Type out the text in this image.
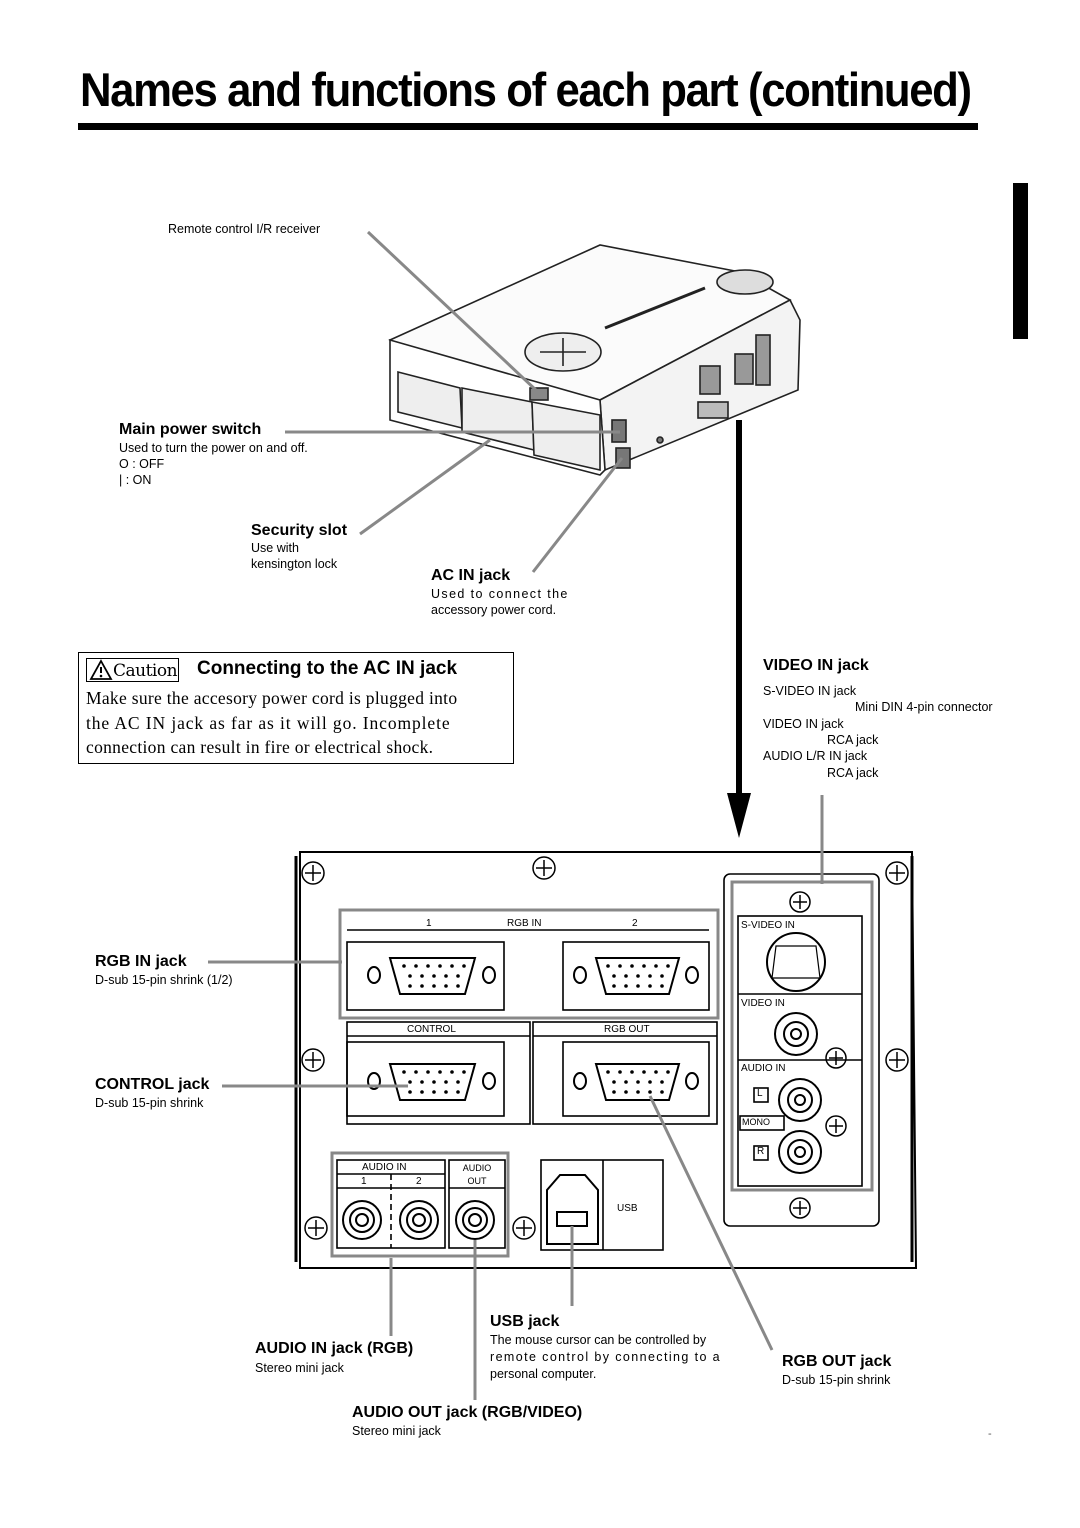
Names and functions of each part (continued)
Remote control I/R receiver
Main power switch
Used to turn the power on and off.
O : OFF
| : ON
Security slot
Use with
kensington lock
AC IN jack
Used to connect the
accessory power cord.
Caution Connecting to the AC IN jack

Make sure the accesory power cord is plugged into

the AC IN jack as far as it will go. Incomplete

connection can result in fire or electrical shock.

VIDEO IN jack
S-VIDEO IN jack
Mini DIN 4-pin connector
VIDEO IN jack
RCA jack
AUDIO L/R IN jack
RCA jack
1	RGB IN	2
CONTROL	RGB OUT
AUDIO IN
1	2
AUDIO OUT
USB
S-VIDEO IN
VIDEO IN
AUDIO IN
L
MONO
R
RGB IN jack
D-sub 15-pin shrink (1/2)
CONTROL jack
D-sub 15-pin shrink
USB jack
The mouse cursor can be controlled by
remote control by connecting to a
personal computer.
AUDIO IN jack (RGB)
Stereo mini jack	RGB OUT jack
D-sub 15-pin shrink
AUDIO OUT jack (RGB/VIDEO)
Stereo mini jack	-
